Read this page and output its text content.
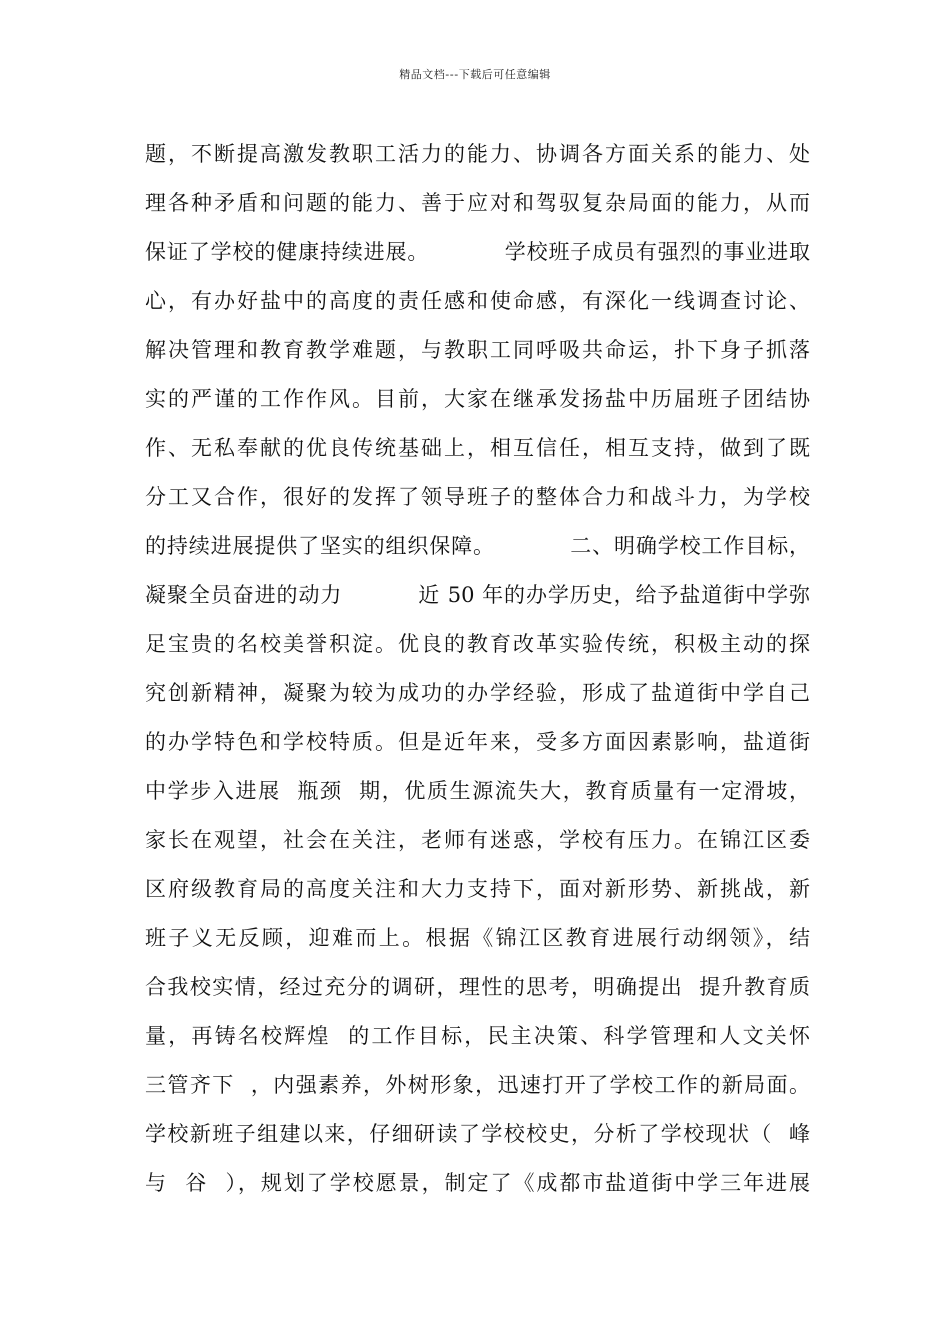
精品文档---下载后可任意编辑
题，不断提高激发教职工活力的能力、协调各方面关系的能力、处
理各种矛盾和问题的能力、善于应对和驾驭复杂局面的能力，从而
保证了学校的健康持续进展。          学校班子成员有强烈的事业进取
心，有办好盐中的高度的责任感和使命感，有深化一线调查讨论、
解决管理和教育教学难题，与教职工同呼吸共命运，扑下身子抓落
实的严谨的工作作风。目前，大家在继承发扬盐中历届班子团结协
作、无私奉献的优良传统基础上，相互信任，相互支持，做到了既
分工又合作，很好的发挥了领导班子的整体合力和战斗力，为学校
的持续进展提供了坚实的组织保障。          二、明确学校工作目标，
凝聚全员奋进的动力          近 50 年的办学历史，给予盐道街中学弥
足宝贵的名校美誉积淀。优良的教育改革实验传统，积极主动的探
究创新精神，凝聚为较为成功的办学经验，形成了盐道街中学自己
的办学特色和学校特质。但是近年来，受多方面因素影响，盐道街
中学步入进展  瓶颈  期，优质生源流失大，教育质量有一定滑坡，
家长在观望，社会在关注，老师有迷惑，学校有压力。在锦江区委
区府级教育局的高度关注和大力支持下，面对新形势、新挑战，新
班子义无反顾，迎难而上。根据《锦江区教育进展行动纲领》，结
合我校实情，经过充分的调研，理性的思考，明确提出  提升教育质
量，再铸名校辉煌  的工作目标，民主决策、科学管理和人文关怀
三管齐下  ，内强素养，外树形象，迅速打开了学校工作的新局面。
学校新班子组建以来，仔细研读了学校校史，分析了学校现状（  峰
与  谷  ），规划了学校愿景，制定了《成都市盐道街中学三年进展
